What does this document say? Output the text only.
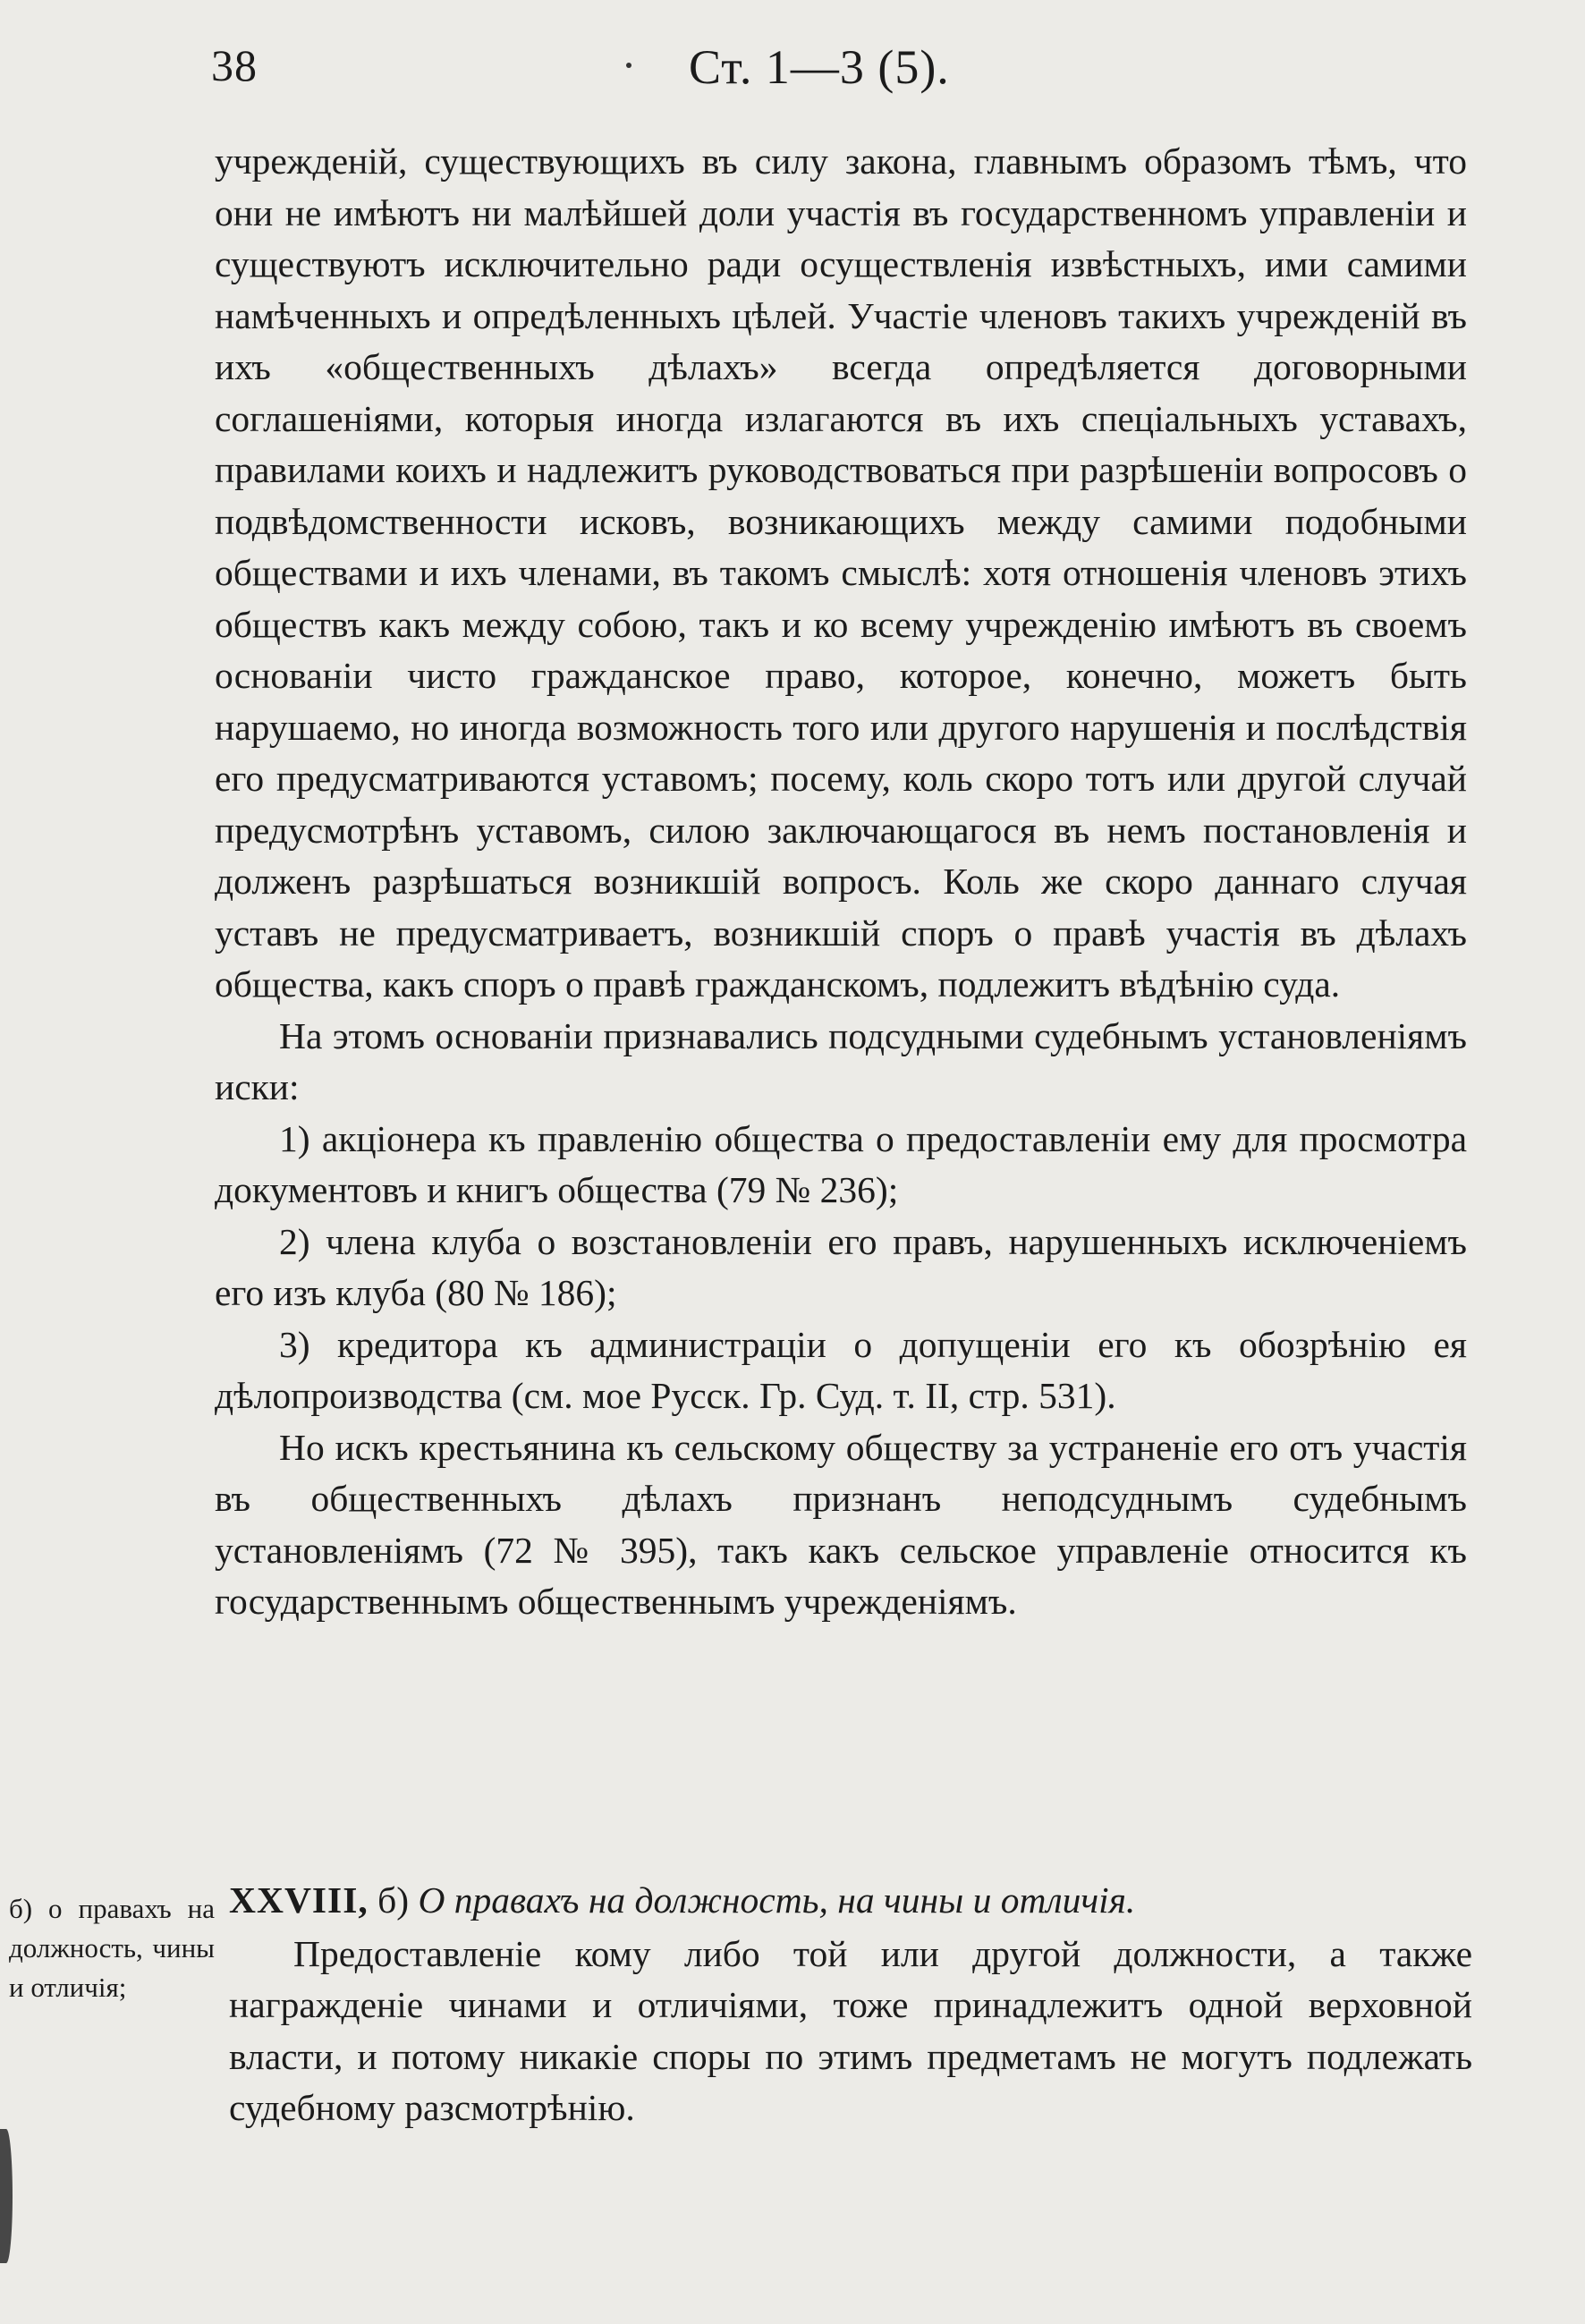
38	Ст. 1—3 (5).

учрежденій, существующихъ въ силу закона, главнымъ образомъ тѣмъ, что они не имѣютъ ни малѣйшей доли участія въ государственномъ управленіи и существуютъ исключительно ради осуществленія извѣстныхъ, ими самими намѣченныхъ и опредѣленныхъ цѣлей. Участіе членовъ такихъ учрежденій въ ихъ «общественныхъ дѣлахъ» всегда опредѣляется договорными соглашеніями, которыя иногда излагаются въ ихъ спеціальныхъ уставахъ, правилами коихъ и надлежитъ руководствоваться при разрѣшеніи вопросовъ о подвѣдомственности исковъ, возникающихъ между самими подобными обществами и ихъ членами, въ такомъ смыслѣ: хотя отношенія членовъ этихъ обществъ какъ между собою, такъ и ко всему учрежденію имѣютъ въ своемъ основаніи чисто гражданское право, которое, конечно, можетъ быть нарушаемо, но иногда возможность того или другого нарушенія и послѣдствія его предусматриваются уставомъ; посему, коль скоро тотъ или другой случай предусмотрѣнъ уставомъ, силою заключающагося въ немъ постановленія и долженъ разрѣшаться возникшій вопросъ. Коль же скоро даннаго случая уставъ не предусматриваетъ, возникшій споръ о правѣ участія въ дѣлахъ общества, какъ споръ о правѣ гражданскомъ, подлежитъ вѣдѣнію суда.

На этомъ основаніи признавались подсудными судебнымъ установленіямъ иски:

1) акціонера къ правленію общества о предоставленіи ему для просмотра документовъ и книгъ общества (79 № 236);

2) члена клуба о возстановленіи его правъ, нарушенныхъ исключеніемъ его изъ клуба (80 № 186);

3) кредитора къ администраціи о допущеніи его къ обозрѣнію ея дѣлопроизводства (см. мое Русск. Гр. Суд. т. II, стр. 531).

Но искъ крестьянина къ сельскому обществу за устраненіе его отъ участія въ общественныхъ дѣлахъ признанъ неподсуднымъ судебнымъ установленіямъ (72 № 395), такъ какъ сельское управленіе относится къ государственнымъ общественнымъ учрежденіямъ.

б) о правахъ на должность, чины и отличія;

XXVIII, б) О правахъ на должность, на чины и отличія.

Предоставленіе кому либо той или другой должности, а также награжденіе чинами и отличіями, тоже принадлежитъ одной верховной власти, и потому никакіе споры по этимъ предметамъ не могутъ подлежать судебному разсмотрѣнію.
